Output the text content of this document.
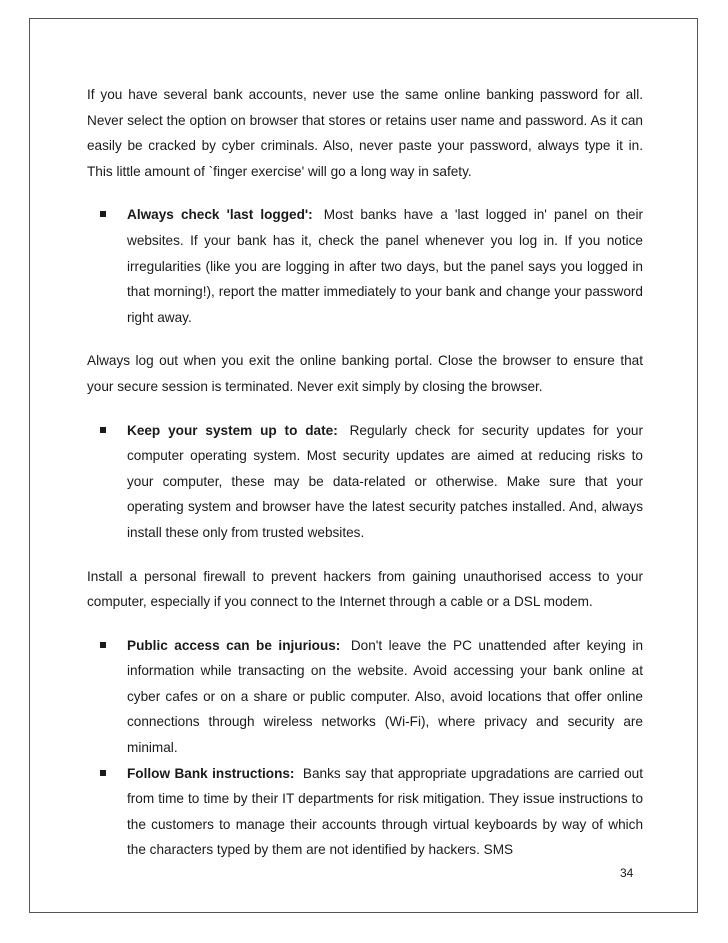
If you have several bank accounts, never use the same online banking password for all. Never select the option on browser that stores or retains user name and password. As it can easily be cracked by cyber criminals. Also, never paste your password, always type it in. This little amount of `finger exercise' will go a long way in safety.

Always check 'last logged': Most banks have a 'last logged in' panel on their websites. If your bank has it, check the panel whenever you log in. If you notice irregularities (like you are logging in after two days, but the panel says you logged in that morning!), report the matter immediately to your bank and change your password right away.

Always log out when you exit the online banking portal. Close the browser to ensure that your secure session is terminated. Never exit simply by closing the browser.

Keep your system up to date: Regularly check for security updates for your computer operating system. Most security updates are aimed at reducing risks to your computer, these may be data-related or otherwise. Make sure that your operating system and browser have the latest security patches installed. And, always install these only from trusted websites.

Install a personal firewall to prevent hackers from gaining unauthorised access to your computer, especially if you connect to the Internet through a cable or a DSL modem.

Public access can be injurious: Don't leave the PC unattended after keying in information while transacting on the website. Avoid accessing your bank online at cyber cafes or on a share or public computer. Also, avoid locations that offer online connections through wireless networks (Wi-Fi), where privacy and security are minimal.
Follow Bank instructions: Banks say that appropriate upgradations are carried out from time to time by their IT departments for risk mitigation. They issue instructions to the customers to manage their accounts through virtual keyboards by way of which the characters typed by them are not identified by hackers. SMS
34
